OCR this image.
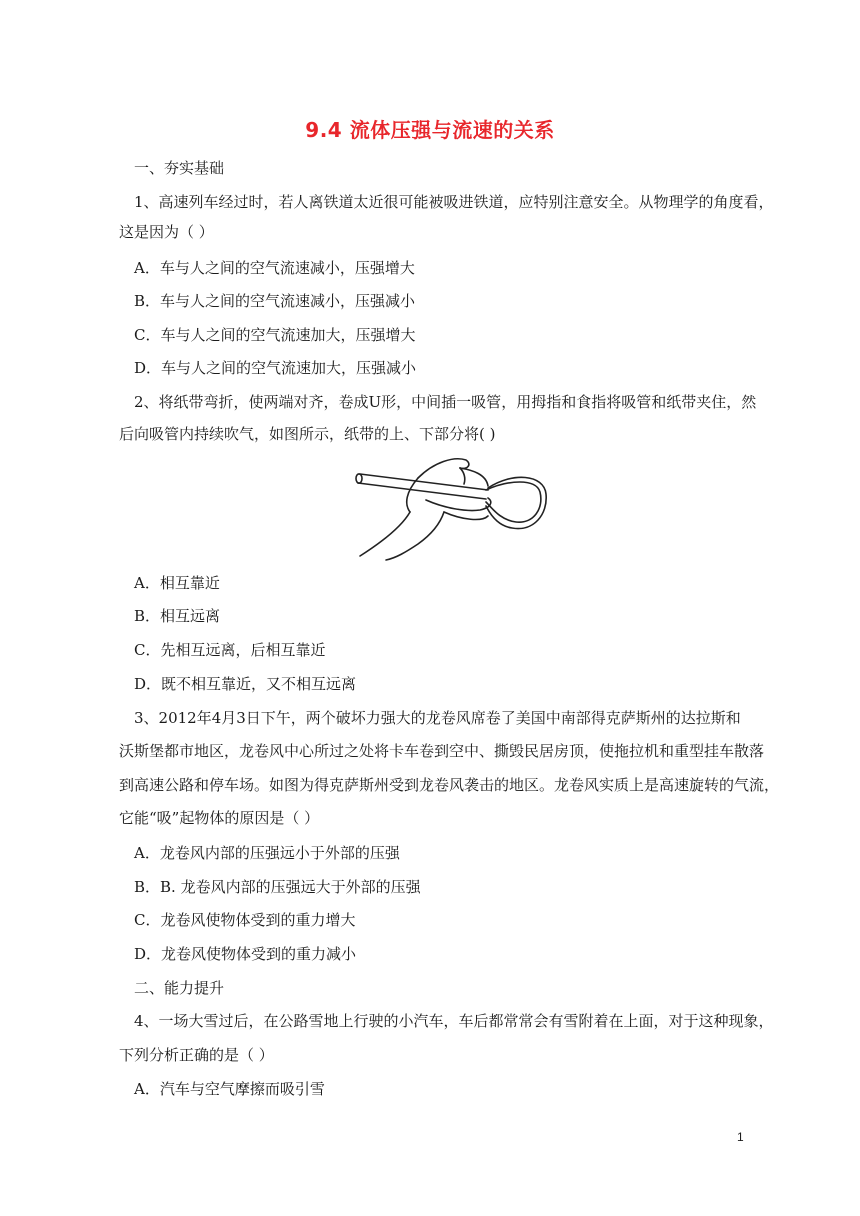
9.4 流体压强与流速的关系
一、夯实基础
1、高速列车经过时，若人离铁道太近很可能被吸进铁道，应特别注意安全。从物理学的角度看，
这是因为（ ）
A．车与人之间的空气流速减小，压强增大
B．车与人之间的空气流速减小，压强减小
C．车与人之间的空气流速加大，压强增大
D．车与人之间的空气流速加大，压强减小
2、将纸带弯折，使两端对齐，卷成U形，中间插一吸管，用拇指和食指将吸管和纸带夹住，然
后向吸管内持续吹气，如图所示，纸带的上、下部分将( )
A．相互靠近
B．相互远离
C．先相互远离，后相互靠近
D．既不相互靠近，又不相互远离
3、2012年4月3日下午，两个破坏力强大的龙卷风席卷了美国中南部得克萨斯州的达拉斯和
沃斯堡都市地区，龙卷风中心所过之处将卡车卷到空中、撕毁民居房顶，使拖拉机和重型挂车散落
到高速公路和停车场。如图为得克萨斯州受到龙卷风袭击的地区。龙卷风实质上是高速旋转的气流，
它能“吸”起物体的原因是（ ）
A．龙卷风内部的压强远小于外部的压强
B．B. 龙卷风内部的压强远大于外部的压强
C．龙卷风使物体受到的重力增大
D．龙卷风使物体受到的重力减小
二、能力提升
4、一场大雪过后，在公路雪地上行驶的小汽车，车后都常常会有雪附着在上面，对于这种现象，
下列分析正确的是（ ）
A．汽车与空气摩擦而吸引雪
1
